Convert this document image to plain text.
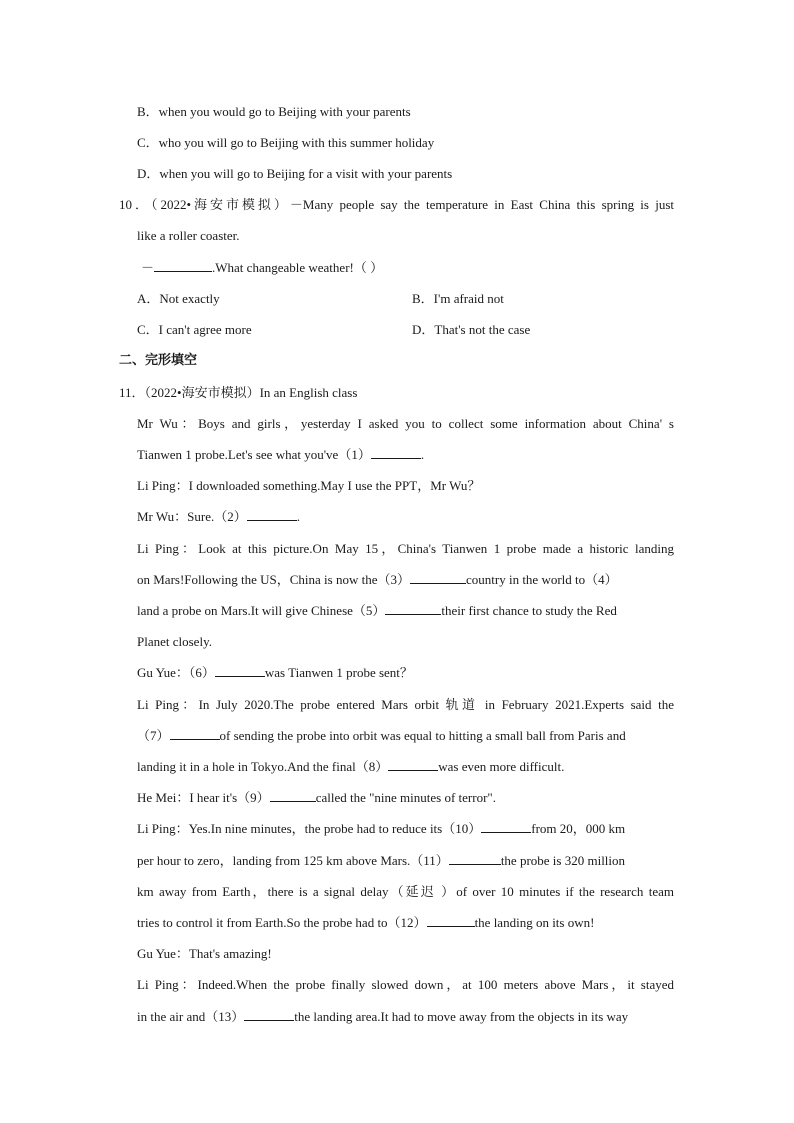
B．when you would go to Beijing with your parents
C．who you will go to Beijing with this summer holiday
D．when you will go to Beijing for a visit with your parents
10．（2022•海安市模拟）－Many people say the temperature in East China this spring is just
like a roller coaster.
－	.What changeable weather!（ ）
A．Not exactly	B．I'm afraid not
C．I can't agree more	D．That's not the case
二、完形填空
11．（2022•海安市模拟）In an English class
Mr Wu：Boys and girls，yesterday I asked you to collect some information about China' s
Tianwen 1 probe.Let's see what you've（1）	.
Li Ping：I downloaded something.May I use the PPT，Mr Wu？
Mr Wu：Sure.（2）	.
Li Ping：Look at this picture.On May 15，China's Tianwen 1 probe made a historic landing
on Mars!Following the US，China is now the（3）	country in the world to（4）
land a probe on Mars.It will give Chinese（5）	their first chance to study the Red
Planet closely.
Gu Yue：（6）	was Tianwen 1 probe sent？
Li Ping：In July 2020.The probe entered Mars orbit 轨道 in February 2021.Experts said the
（7）	of sending the probe into orbit was equal to hitting a small ball from Paris and
landing it in a hole in Tokyo.And the final（8）	was even more difficult.
He Mei：I hear it's（9）	called the "nine minutes of terror".
Li Ping：Yes.In nine minutes，the probe had to reduce its（10）	from 20，000 km
per hour to zero，landing from 125 km above Mars.（11）	the probe is 320 million
km away from Earth，there is a signal delay（延迟 ）of over 10 minutes if the research team
tries to control it from Earth.So the probe had to（12）	the landing on its own!
Gu Yue：That's amazing!
Li Ping：Indeed.When the probe finally slowed down，at 100 meters above Mars，it stayed
in the air and（13）	the landing area.It had to move away from the objects in its way
